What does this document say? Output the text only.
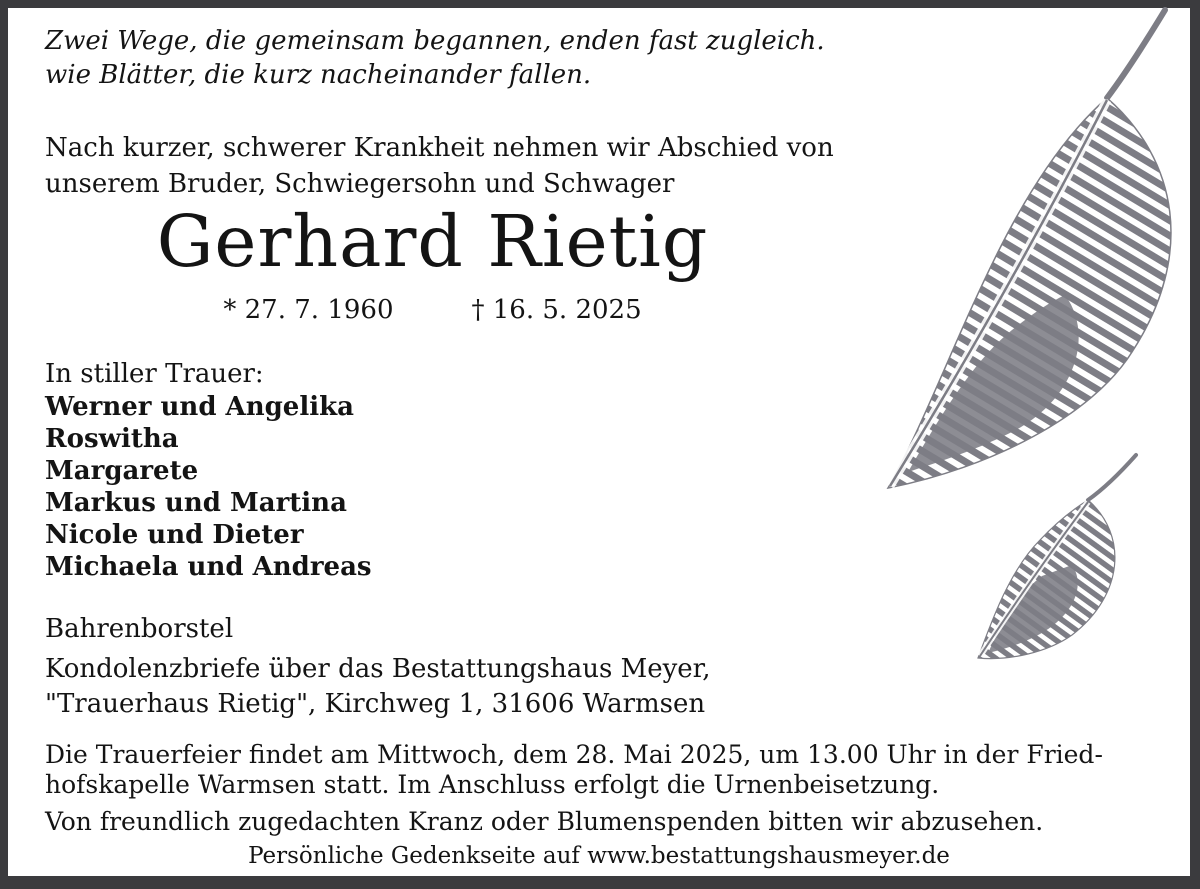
Zwei Wege, die gemeinsam begannen, enden fast zugleich.
wie Blätter, die kurz nacheinander fallen.
Nach kurzer, schwerer Krankheit nehmen wir Abschied von
unserem Bruder, Schwiegersohn und Schwager
Gerhard Rietig
* 27. 7. 1960	† 16. 5. 2025
In stiller Trauer:
Werner und Angelika
Roswitha
Margarete
Markus und Martina
Nicole und Dieter
Michaela und Andreas
Bahrenborstel
Kondolenzbriefe über das Bestattungshaus Meyer,
"Trauerhaus Rietig", Kirchweg 1, 31606 Warmsen
Die Trauerfeier findet am Mittwoch, dem 28. Mai 2025, um 13.00 Uhr in der Fried-
hofskapelle Warmsen statt. Im Anschluss erfolgt die Urnenbeisetzung.
Von freundlich zugedachten Kranz oder Blumenspenden bitten wir abzusehen.
Persönliche Gedenkseite auf www.bestattungshausmeyer.de
